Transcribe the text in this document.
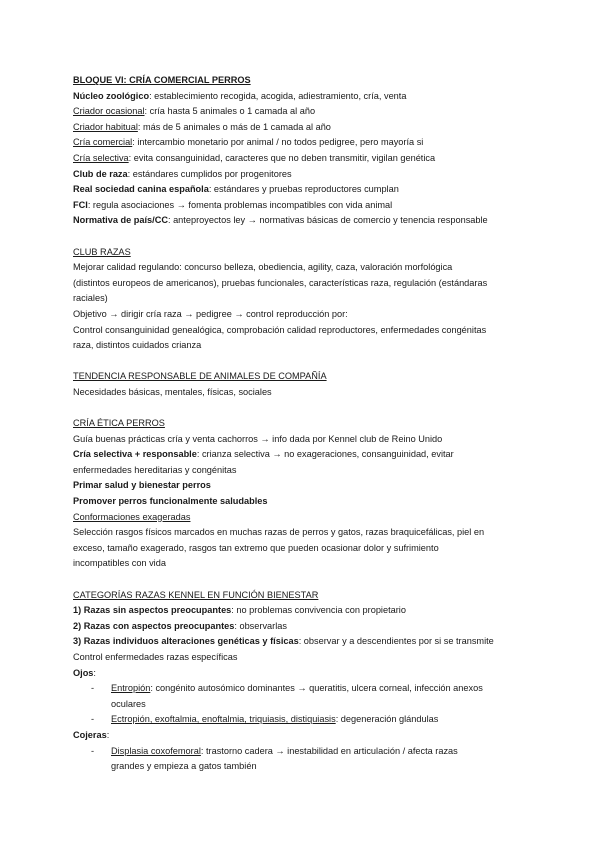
BLOQUE VI: CRÍA COMERCIAL PERROS
Núcleo zoológico: establecimiento recogida, acogida, adiestramiento, cría, venta
Criador ocasional: cría hasta 5 animales o 1 camada al año
Criador habitual: más de 5 animales o más de 1 camada al año
Cría comercial: intercambio monetario por animal / no todos pedigree, pero mayoría si
Cría selectiva: evita consanguinidad, caracteres que no deben transmitir, vigilan genética
Club de raza: estándares cumplidos por progenitores
Real sociedad canina española: estándares y pruebas reproductores cumplan
FCI: regula asociaciones → fomenta problemas incompatibles con vida animal
Normativa de país/CC: anteproyectos ley → normativas básicas de comercio y tenencia responsable
CLUB RAZAS
Mejorar calidad regulando: concurso belleza, obediencia, agility, caza, valoración morfológica
(distintos europeos de americanos), pruebas funcionales, características raza, regulación (estándaras
raciales)
Objetivo → dirigir cría raza → pedigree → control reproducción por:
Control consanguinidad genealógica, comprobación calidad reproductores, enfermedades congénitas
raza, distintos cuidados crianza
TENDENCIA RESPONSABLE DE ANIMALES DE COMPAÑÍA
Necesidades básicas, mentales, físicas, sociales
CRÍA ÉTICA PERROS
Guía buenas prácticas cría y venta cachorros → info dada por Kennel club de Reino Unido
Cría selectiva + responsable: crianza selectiva → no exageraciones, consanguinidad, evitar
enfermedades hereditarias y congénitas
Primar salud y bienestar perros
Promover perros funcionalmente saludables
Conformaciones exageradas
Selección rasgos físicos marcados en muchas razas de perros y gatos, razas braquicefálicas, piel en
exceso, tamaño exagerado, rasgos tan extremo que pueden ocasionar dolor y sufrimiento
incompatibles con vida
CATEGORÍAS RAZAS KENNEL EN FUNCIÓN BIENESTAR
1) Razas sin aspectos preocupantes: no problemas convivencia con propietario
2) Razas con aspectos preocupantes: observarlas
3) Razas individuos alteraciones genéticas y físicas: observar y a descendientes por si se transmite
Control enfermedades razas específicas
Ojos:
- Entropión: congénito autosómico dominantes → queratitis, ulcera corneal, infección anexos
oculares
- Ectropión, exoftalmia, enoftalmia, triquiasis, distiquiasis: degeneración glándulas
Cojeras:
- Displasia coxofemoral: trastorno cadera → inestabilidad en articulación / afecta razas
grandes y empieza a gatos también
